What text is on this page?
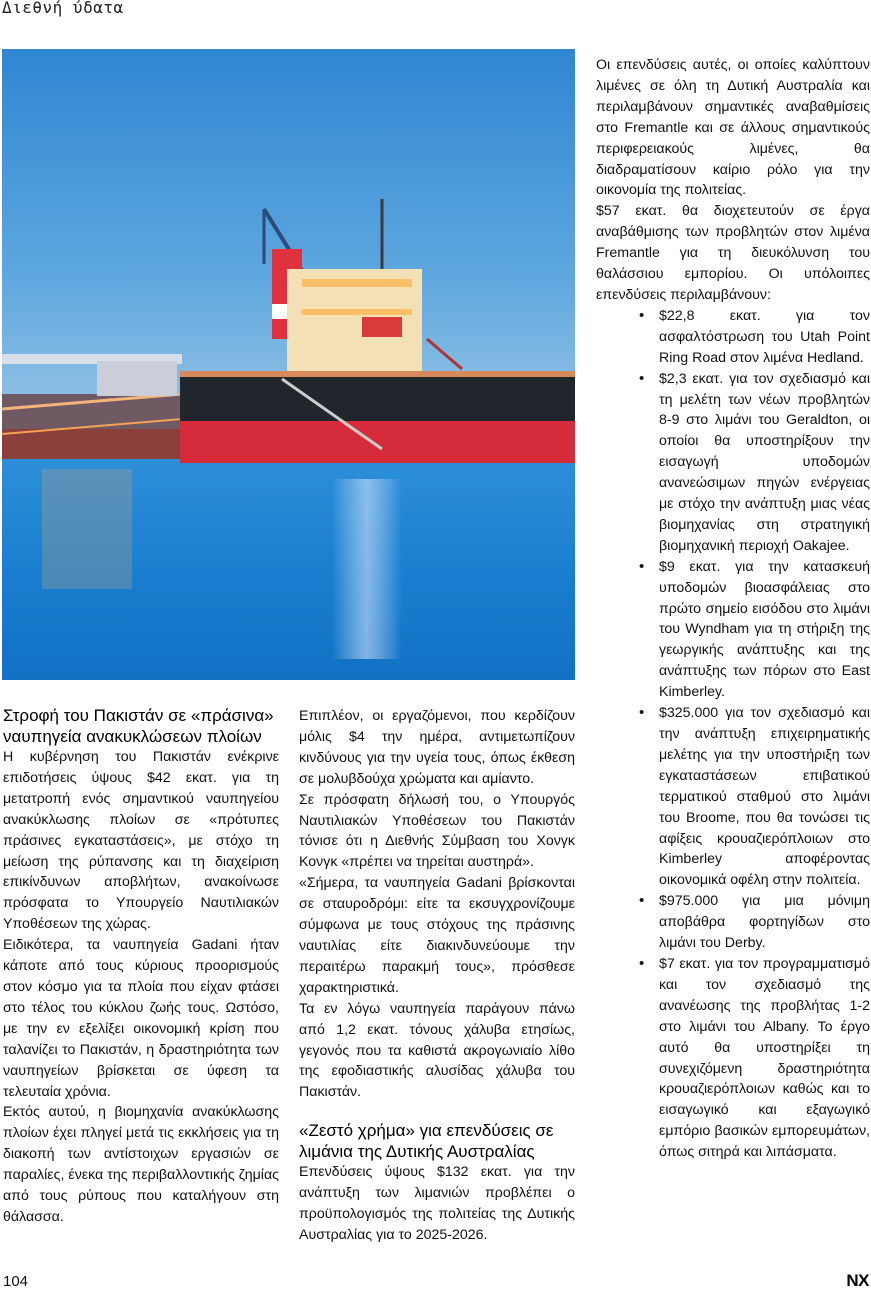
Διεθνή ύδατα
Στροφή του Πακιστάν σε «πράσινα» ναυπηγεία ανακυκλώσεων πλοίων

Η κυβέρνηση του Πακιστάν ενέκρινε επιδοτήσεις ύψους $42 εκατ. για τη μετατροπή ενός σημαντικού ναυπηγείου ανακύκλωσης πλοίων σε «πρότυπες πράσινες εγκαταστάσεις», με στόχο τη μείωση της ρύπανσης και τη διαχείριση επικίνδυνων αποβλήτων, ανακοίνωσε πρόσφατα το Υπουργείο Ναυτιλιακών Υποθέσεων της χώρας.

Ειδικότερα, τα ναυπηγεία Gadani ήταν κάποτε από τους κύριους προορισμούς στον κόσμο για τα πλοία που είχαν φτάσει στο τέλος του κύκλου ζωής τους. Ωστόσο, με την εν εξελίξει οικονομική κρίση που ταλανίζει το Πακιστάν, η δραστηριότητα των ναυπηγείων βρίσκεται σε ύφεση τα τελευταία χρόνια.

Εκτός αυτού, η βιομηχανία ανακύκλωσης πλοίων έχει πληγεί μετά τις εκκλήσεις για τη διακοπή των αντίστοιχων εργασιών σε παραλίες, ένεκα της περιβαλλοντικής ζημίας από τους ρύπους που καταλήγουν στη θάλασσα.

Επιπλέον, οι εργαζόμενοι, που κερδίζουν μόλις $4 την ημέρα, αντιμετωπίζουν κινδύνους για την υγεία τους, όπως έκθεση σε μολυβδούχα χρώματα και αμίαντο.

Σε πρόσφατη δήλωσή του, ο Υπουργός Ναυτιλιακών Υποθέσεων του Πακιστάν τόνισε ότι η Διεθνής Σύμβαση του Χονγκ Κονγκ «πρέπει να τηρείται αυστηρά».

«Σήμερα, τα ναυπηγεία Gadani βρίσκονται σε σταυροδρόμι: είτε τα εκσυγχρονίζουμε σύμφωνα με τους στόχους της πράσινης ναυτιλίας είτε διακινδυνεύουμε την περαιτέρω παρακμή τους», πρόσθεσε χαρακτηριστικά.

Τα εν λόγω ναυπηγεία παράγουν πάνω από 1,2 εκατ. τόνους χάλυβα ετησίως, γεγονός που τα καθιστά ακρογωνιαίο λίθο της εφοδιαστικής αλυσίδας χάλυβα του Πακιστάν.

«Ζεστό χρήμα» για επενδύσεις σε λιμάνια της Δυτικής Αυστραλίας

Επενδύσεις ύψους $132 εκατ. για την ανάπτυξη των λιμανιών προβλέπει ο προϋπολογισμός της πολιτείας της Δυτικής Αυστραλίας για το 2025-2026.

Οι επενδύσεις αυτές, οι οποίες καλύπτουν λιμένες σε όλη τη Δυτική Αυστραλία και περιλαμβάνουν σημαντικές αναβαθμίσεις στο Fremantle και σε άλλους σημαντικούς περιφερειακούς λιμένες, θα διαδραματίσουν καίριο ρόλο για την οικονομία της πολιτείας.

$57 εκατ. θα διοχετευτούν σε έργα αναβάθμισης των προβλητών στον λιμένα Fremantle για τη διευκόλυνση του θαλάσσιου εμπορίου. Οι υπόλοιπες επενδύσεις περιλαμβάνουν:

• $22,8 εκατ. για τον ασφαλτόστρωση του Utah Point Ring Road στον λιμένα Hedland.
• $2,3 εκατ. για τον σχεδιασμό και τη μελέτη των νέων προβλητών 8-9 στο λιμάνι του Geraldton, οι οποίοι θα υποστηρίξουν την εισαγωγή υποδομών ανανεώσιμων πηγών ενέργειας με στόχο την ανάπτυξη μιας νέας βιομηχανίας στη στρατηγική βιομηχανική περιοχή Oakajee.
• $9 εκατ. για την κατασκευή υποδομών βιοασφάλειας στο πρώτο σημείο εισόδου στο λιμάνι του Wyndham για τη στήριξη της γεωργικής ανάπτυξης και της ανάπτυξης των πόρων στο East Kimberley.
• $325.000 για τον σχεδιασμό και την ανάπτυξη επιχειρηματικής μελέτης για την υποστήριξη των εγκαταστάσεων επιβατικού τερματικού σταθμού στο λιμάνι του Broome, που θα τονώσει τις αφίξεις κρουαζιερόπλοιων στο Kimberley αποφέροντας οικονομικά οφέλη στην πολιτεία.
• $975.000 για μια μόνιμη αποβάθρα φορτηγίδων στο λιμάνι του Derby.
• $7 εκατ. για τον προγραμματισμό και τον σχεδιασμό της ανανέωσης της προβλήτας 1-2 στο λιμάνι του Albany. Το έργο αυτό θα υποστηρίξει τη συνεχιζόμενη δραστηριότητα κρουαζιερόπλοιων καθώς και το εισαγωγικό και εξαγωγικό εμπόριο βασικών εμπορευμάτων, όπως σιτηρά και λιπάσματα.
104	NX
